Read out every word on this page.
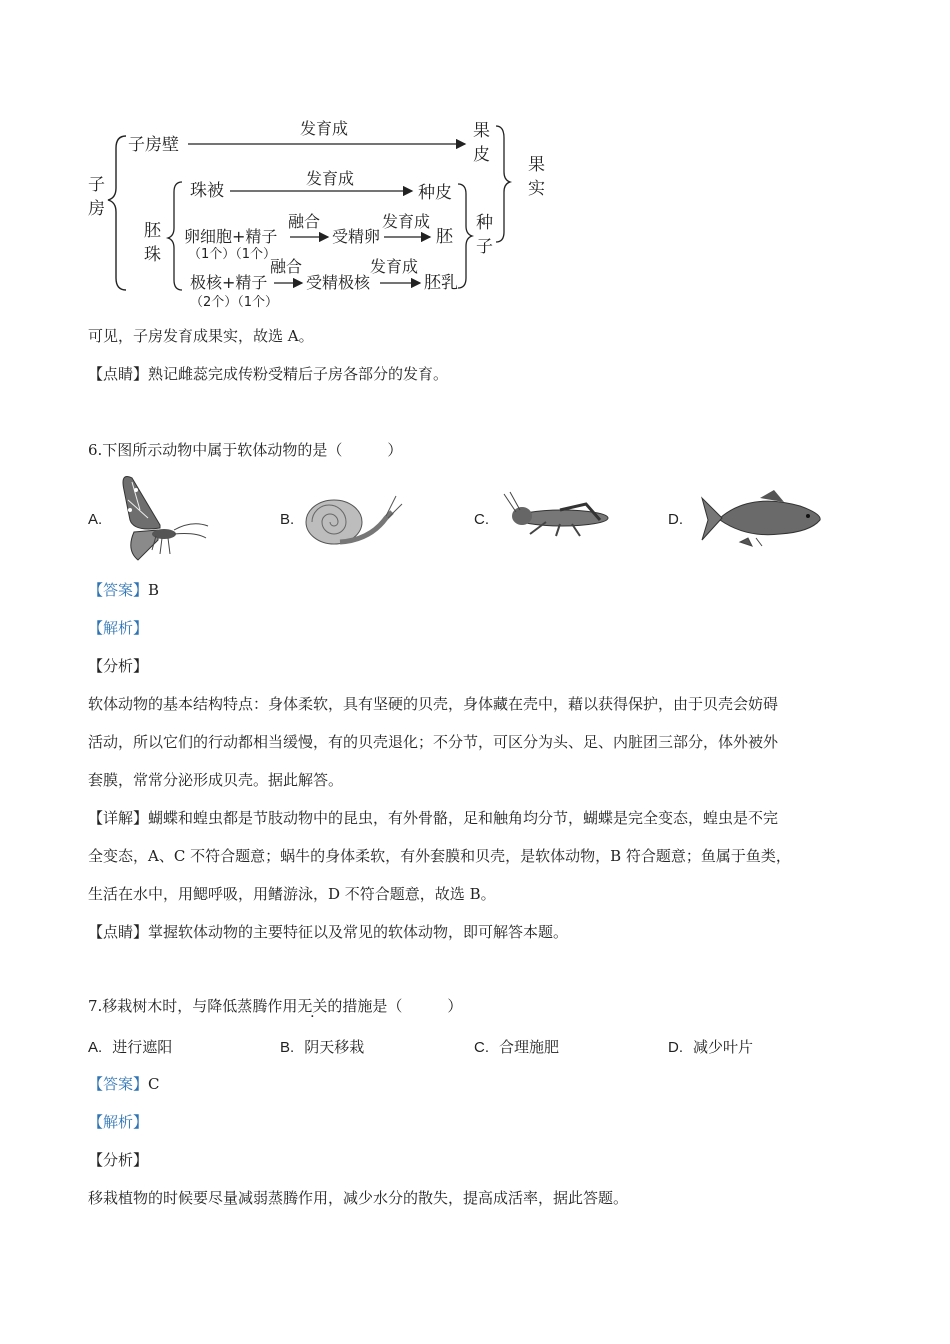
子
房
子房壁
发育成	果
皮
胚
珠
珠被
发育成
种皮
卵细胞+精子
（1个）（1个）
融合
受精卵
发育成
胚
极核+精子
（2个）（1个）
融合
受精极核
发育成
胚乳
种
子
果
实
可见，子房发育成果实，故选 A。
【点睛】熟记雌蕊完成传粉受精后子房各部分的发育。
6.下图所示动物中属于软体动物的是（　　　）
A.	B.	C.	D.
【答案】B
【解析】
【分析】
软体动物的基本结构特点：身体柔软，具有坚硬的贝壳，身体藏在壳中，藉以获得保护，由于贝壳会妨碍
活动，所以它们的行动都相当缓慢，有的贝壳退化；不分节，可区分为头、足、内脏团三部分，体外被外
套膜，常常分泌形成贝壳。据此解答。
【详解】蝴蝶和蝗虫都是节肢动物中的昆虫，有外骨骼，足和触角均分节，蝴蝶是完全变态，蝗虫是不完
全变态，A、C 不符合题意；蜗牛的身体柔软，有外套膜和贝壳，是软体动物，B 符合题意；鱼属于鱼类，
生活在水中，用鳃呼吸，用鳍游泳，D 不符合题意，故选 B。
【点睛】掌握软体动物的主要特征以及常见的软体动物，即可解答本题。
7.移栽树木时，与降低蒸腾作用无关的措施是（　　　）
A. 进行遮阳	B. 阴天移栽	C. 合理施肥	D. 减少叶片
【答案】C
【解析】
【分析】
移栽植物的时候要尽量减弱蒸腾作用，减少水分的散失，提高成活率，据此答题。
